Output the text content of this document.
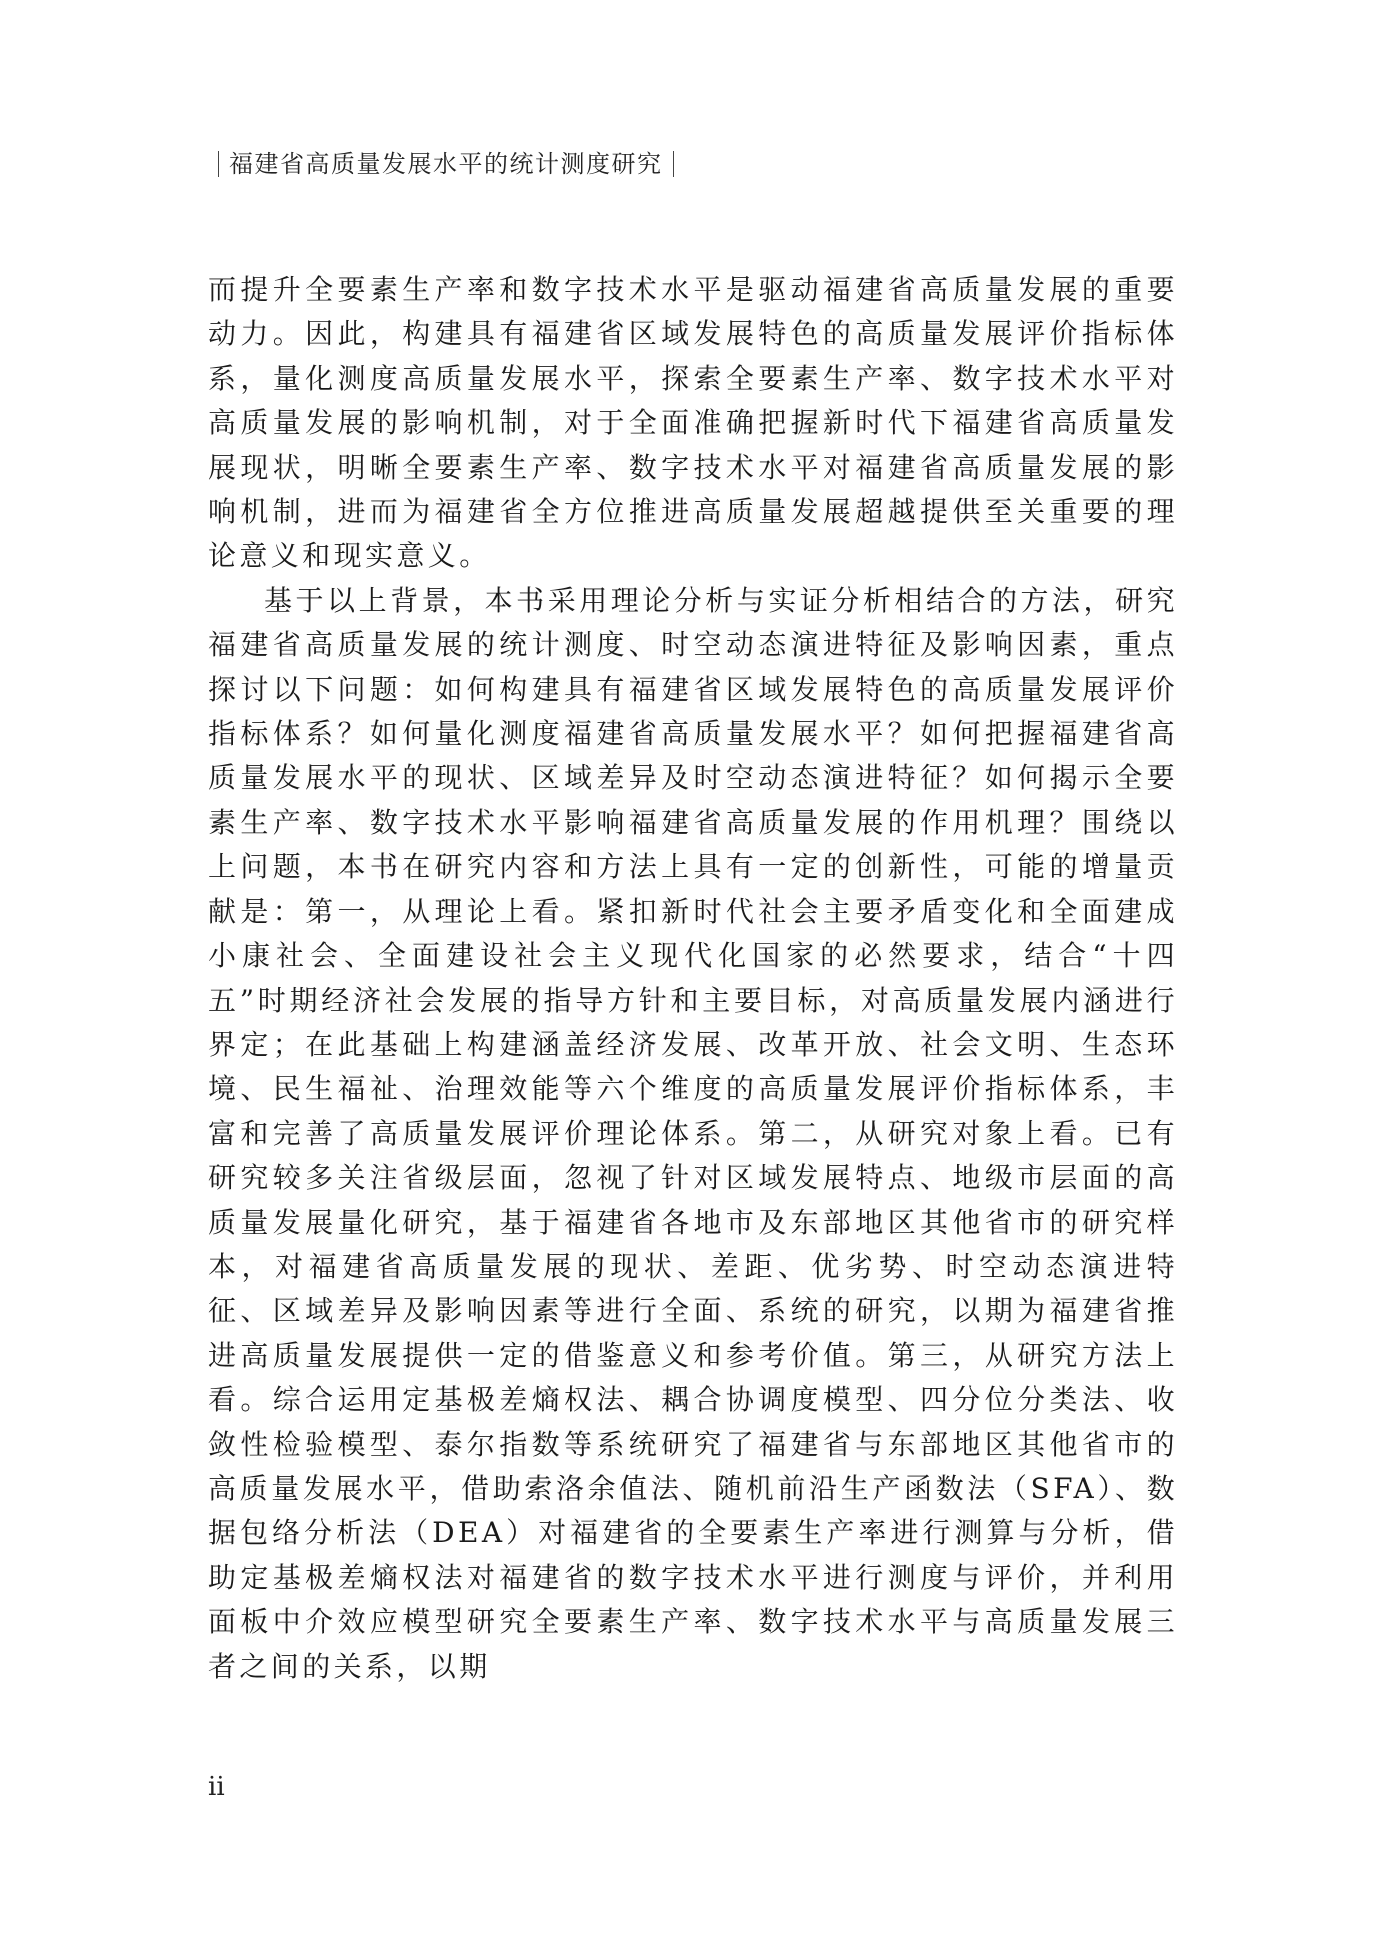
福建省高质量发展水平的统计测度研究

而提升全要素生产率和数字技术水平是驱动福建省高质量发展的重要动力。因此，构建具有福建省区域发展特色的高质量发展评价指标体系，量化测度高质量发展水平，探索全要素生产率、数字技术水平对高质量发展的影响机制，对于全面准确把握新时代下福建省高质量发展现状，明晰全要素生产率、数字技术水平对福建省高质量发展的影响机制，进而为福建省全方位推进高质量发展超越提供至关重要的理论意义和现实意义。

基于以上背景，本书采用理论分析与实证分析相结合的方法，研究福建省高质量发展的统计测度、时空动态演进特征及影响因素，重点探讨以下问题：如何构建具有福建省区域发展特色的高质量发展评价指标体系？如何量化测度福建省高质量发展水平？如何把握福建省高质量发展水平的现状、区域差异及时空动态演进特征？如何揭示全要素生产率、数字技术水平影响福建省高质量发展的作用机理？围绕以上问题，本书在研究内容和方法上具有一定的创新性，可能的增量贡献是：第一，从理论上看。紧扣新时代社会主要矛盾变化和全面建成小康社会、全面建设社会主义现代化国家的必然要求，结合“十四五”时期经济社会发展的指导方针和主要目标，对高质量发展内涵进行界定；在此基础上构建涵盖经济发展、改革开放、社会文明、生态环境、民生福祉、治理效能等六个维度的高质量发展评价指标体系，丰富和完善了高质量发展评价理论体系。第二，从研究对象上看。已有研究较多关注省级层面，忽视了针对区域发展特点、地级市层面的高质量发展量化研究，基于福建省各地市及东部地区其他省市的研究样本，对福建省高质量发展的现状、差距、优劣势、时空动态演进特征、区域差异及影响因素等进行全面、系统的研究，以期为福建省推进高质量发展提供一定的借鉴意义和参考价值。第三，从研究方法上看。综合运用定基极差熵权法、耦合协调度模型、四分位分类法、收敛性检验模型、泰尔指数等系统研究了福建省与东部地区其他省市的高质量发展水平，借助索洛余值法、随机前沿生产函数法（SFA）、数据包络分析法（DEA）对福建省的全要素生产率进行测算与分析，借助定基极差熵权法对福建省的数字技术水平进行测度与评价，并利用面板中介效应模型研究全要素生产率、数字技术水平与高质量发展三者之间的关系，以期

ii
